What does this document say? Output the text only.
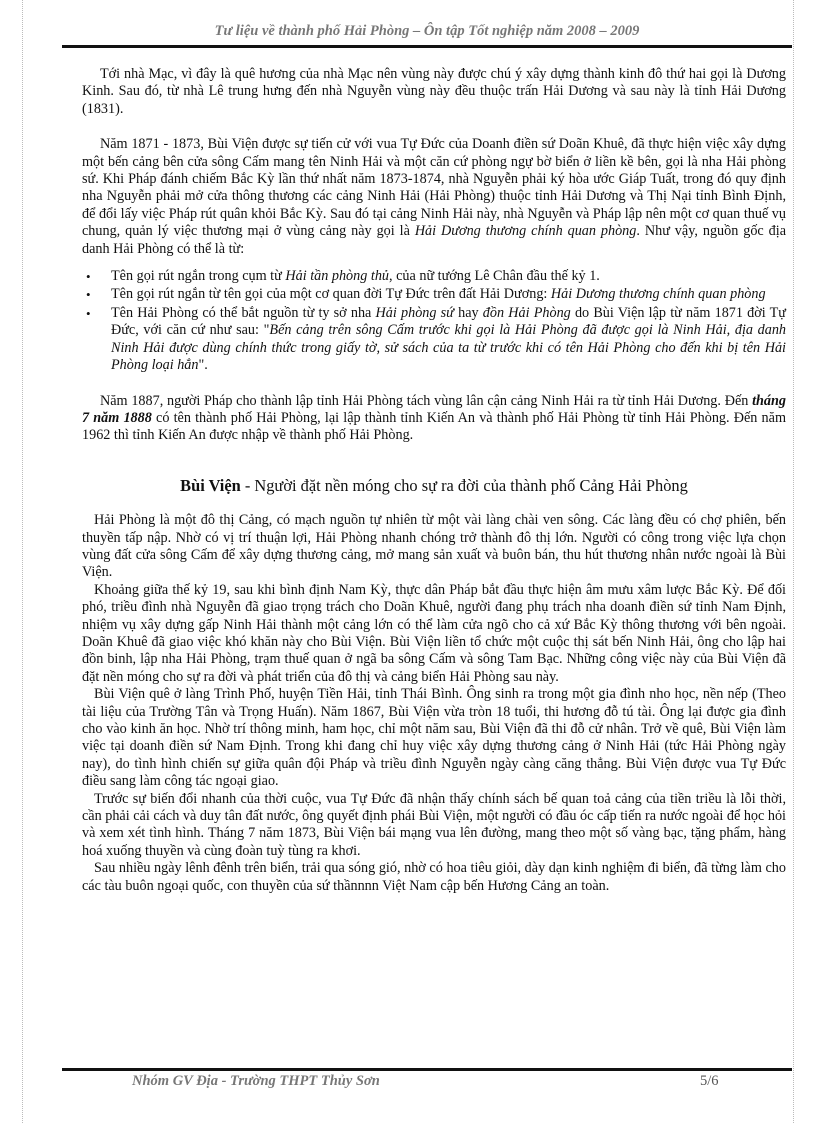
Tư liệu về thành phố Hải Phòng – Ôn tập Tốt nghiệp năm 2008 – 2009

Tới nhà Mạc, vì đây là quê hương của nhà Mạc nên vùng này được chú ý xây dựng thành kinh đô thứ hai gọi là Dương Kinh. Sau đó, từ nhà Lê trung hưng đến nhà Nguyễn vùng này đều thuộc trấn Hải Dương và sau này là tỉnh Hải Dương (1831).

Năm 1871 - 1873, Bùi Viện được sự tiến cử với vua Tự Đức của Doanh điền sứ Doãn Khuê, đã thực hiện việc xây dựng một bến cảng bên cửa sông Cấm mang tên Ninh Hải và một căn cứ phòng ngự bờ biển ở liền kề bên, gọi là nha Hải phòng sứ. Khi Pháp đánh chiếm Bắc Kỳ lần thứ nhất năm 1873-1874, nhà Nguyễn phải ký hòa ước Giáp Tuất, trong đó quy định nha Nguyễn phải mở cửa thông thương các cảng Ninh Hải (Hải Phòng) thuộc tỉnh Hải Dương và Thị Nại tỉnh Bình Định, để đổi lấy việc Pháp rút quân khỏi Bắc Kỳ. Sau đó tại cảng Ninh Hải này, nhà Nguyễn và Pháp lập nên một cơ quan thuế vụ chung, quản lý việc thương mại ở vùng cảng này gọi là Hải Dương thương chính quan phòng. Như vậy, nguồn gốc địa danh Hải Phòng có thể là từ:

• Tên gọi rút ngắn trong cụm từ Hải tần phòng thủ, của nữ tướng Lê Chân đầu thế kỷ 1.
• Tên gọi rút ngắn từ tên gọi của một cơ quan đời Tự Đức trên đất Hải Dương: Hải Dương thương chính quan phòng
• Tên Hải Phòng có thể bắt nguồn từ ty sở nha Hải phòng sứ hay đồn Hải Phòng do Bùi Viện lập từ năm 1871 đời Tự Đức, với căn cứ như sau: "Bến cảng trên sông Cấm trước khi gọi là Hải Phòng đã được gọi là Ninh Hải, địa danh Ninh Hải được dùng chính thức trong giấy tờ, sử sách của ta từ trước khi có tên Hải Phòng cho đến khi bị tên Hải Phòng loại hẳn".

Năm 1887, người Pháp cho thành lập tỉnh Hải Phòng tách vùng lân cận cảng Ninh Hải ra từ tỉnh Hải Dương. Đến tháng 7 năm 1888 có tên thành phố Hải Phòng, lại lập thành tỉnh Kiến An và thành phố Hải Phòng từ tỉnh Hải Phòng. Đến năm 1962 thì tỉnh Kiến An được nhập về thành phố Hải Phòng.

Bùi Viện - Người đặt nền móng cho sự ra đời của thành phố Cảng Hải Phòng

Hải Phòng là một đô thị Cảng, có mạch nguồn tự nhiên từ một vài làng chài ven sông. Các làng đều có chợ phiên, bến thuyền tấp nập. Nhờ có vị trí thuận lợi, Hải Phòng nhanh chóng trở thành đô thị lớn. Người có công trong việc lựa chọn vùng đất cửa sông Cấm để xây dựng thương cảng, mở mang sản xuất và buôn bán, thu hút thương nhân nước ngoài là Bùi Viện.

Khoảng giữa thế kỷ 19, sau khi bình định Nam Kỳ, thực dân Pháp bắt đầu thực hiện âm mưu xâm lược Bắc Kỳ. Để đối phó, triều đình nhà Nguyễn đã giao trọng trách cho Doãn Khuê, người đang phụ trách nha doanh điền sứ tỉnh Nam Định, nhiệm vụ xây dựng gấp Ninh Hải thành một cảng lớn có thể làm cửa ngõ cho cả xứ Bắc Kỳ thông thương với bên ngoài. Doãn Khuê đã giao việc khó khăn này cho Bùi Viện. Bùi Viện liền tổ chức một cuộc thị sát bến Ninh Hải, ông cho lập hai đồn binh, lập nha Hải Phòng, trạm thuế quan ở ngã ba sông Cấm và sông Tam Bạc. Những công việc này của Bùi Viện đã đặt nền móng cho sự ra đời và phát triển của đô thị và cảng biển Hải Phòng sau này.

Bùi Viện quê ở làng Trình Phố, huyện Tiền Hải, tỉnh Thái Bình. Ông sinh ra trong một gia đình nho học, nền nếp (Theo tài liệu của Trường Tân và Trọng Huấn). Năm 1867, Bùi Viện vừa tròn 18 tuổi, thi hương đỗ tú tài. Ông lại được gia đình cho vào kinh ăn học. Nhờ trí thông minh, ham học, chỉ một năm sau, Bùi Viện đã thi đỗ cử nhân. Trở về quê, Bùi Viện làm việc tại doanh điền sứ Nam Định. Trong khi đang chỉ huy việc xây dựng thương cảng ở Ninh Hải (tức Hải Phòng ngày nay), do tình hình chiến sự giữa quân đội Pháp và triều đình Nguyễn ngày càng căng thẳng. Bùi Viện được vua Tự Đức điều sang làm công tác ngoại giao.

Trước sự biến đổi nhanh của thời cuộc, vua Tự Đức đã nhận thấy chính sách bế quan toả cảng của tiền triều là lỗi thời, cần phải cải cách và duy tân đất nước, ông quyết định phái Bùi Viện, một người có đầu óc cấp tiến ra nước ngoài để học hỏi và xem xét tình hình. Tháng 7 năm 1873, Bùi Viện bái mạng vua lên đường, mang theo một số vàng bạc, tặng phẩm, hàng hoá xuống thuyền và cùng đoàn tuỳ tùng ra khơi.

Sau nhiều ngày lênh đênh trên biển, trải qua sóng gió, nhờ có hoa tiêu giỏi, dày dạn kinh nghiệm đi biển, đã từng làm cho các tàu buôn ngoại quốc, con thuyền của sứ thầnnnn Việt Nam cập bến Hương Cảng an toàn.

Nhóm GV Địa - Trường THPT Thủy Sơn	5/6
